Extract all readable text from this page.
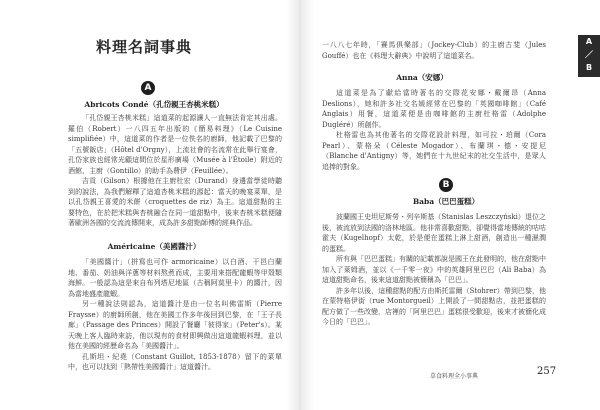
料理名詞事典
A
Abricots Condé（孔岱親王杏桃米糕）

「孔岱親王杏桃米糕」這道菜的起源讓人一直無法肯定其出處。羅伯（Robert）一八四五年出版的《簡易料理》（Le Cuisine simplifiée）中，這道菜的作者是一位佚名的廚師，他記載了巴黎的「五號飯店」（Hôtel d'Orgny），上流社會的名流常在此舉行宴會，孔岱家族也經常光顧這間位於星形廣場（Musée à l'Étoile）附近的酒館，主廚（Gontillo）的助手為費伊（Feuillée）。

吉貢（Gilson）根據他在主廚杜宏（Durand）身邊當學徒時聽到的說法，為我們解釋了這道杏桃米糕的源起：當天的晚宴菜單，是以孔岱親王喜愛的米餅（croquettes de riz）為主。這道甜點的主要特色，在於把米糕與杏桃融合在同一道甜點中，後來杏桃米糕便隨著歐洲各國的交流流傳開來，成為許多甜點師傅的經典作品。

Américaine（美國醬汁）

「美國醬汁」（拼寫也可作 armoricaine）以白酒、干邑白蘭地、番茄、奶油與洋蔥等材料熬煮而成，主要用來搭配龍蝦等甲殼類海鮮。一般認為這是來自布列塔尼地區（古稱阿莫里卡）的醬汁，因為當地盛產龍蝦。

另一種說法則認為，這道醬汁是由一位名叫佛雷斯（Pierre Fraysse）的廚師所創，他在美國工作多年後回到巴黎，在「王子長廊」（Passage des Princes）開設了餐廳「彼得家」（Peter's）。某天晚上客人臨時來訪，他以現有的食材即興做出這道龍蝦料理，並以他在美國的經歷命名為「美國醬汁」。

孔斯坦・紀堯（Constant Guillot, 1853-1878）留下的菜單中，也可以找到「熱帶性美國醬汁」這道醬汁。

一八八七年時，「賽馬俱樂部」（Jockey-Club）的主廚古斐（Jules Gouffé）也在《料理大辭典》中說明了這道菜名。

Anna（安娜）

這道菜是為了獻給當時著名的交際花安娜・戴爾昂（Anna Deslions），她和許多社交名媛經常在巴黎的「英國咖啡館」（Café Anglais）用餐，這道菜便是由咖啡館的主廚杜格雷（Adolphe Dugléré）所創作。

杜格雷也為其他著名的交際花設計料理，如可拉・珀爾（Cora Pearl）、蒙格朵（Céleste Mogador）、布蘭琪・德・安提尼（Blanche d'Antigny）等，她們在十九世紀末的社交生活中，是眾人追捧的對象。

B
Baba（巴巴蛋糕）

波蘭國王史坦尼斯勞・列辛斯基（Stanislas Leszczyński）退位之後，被流放到法國的洛林地區。他非常喜歡甜點，卻覺得當地傳統的咕咕霍夫（Kugelhopf）太乾，於是便在蛋糕上淋上甜酒，創造出一種濕潤的蛋糕。

所有與「巴巴蛋糕」有關的記載都說是國王在此發明的，他在甜點中加入了萊姆酒，並以《一千零一夜》中的英雄阿里巴巴（Ali Baba）為這道甜點命名，後來這道甜點被簡稱為「巴巴」。

許多年以後，這種甜點的配方由斯托雷爾（Stohrer）帶到巴黎，他在蒙特格伊街（rue Montorgueil）上開設了一間甜點店，並把蛋糕的配方做了一些改變，店裡的「阿里巴巴」蛋糕很受歡迎，後來才被簡化成今日的「巴巴」。

A
／
B
草食料理全小事典	257
